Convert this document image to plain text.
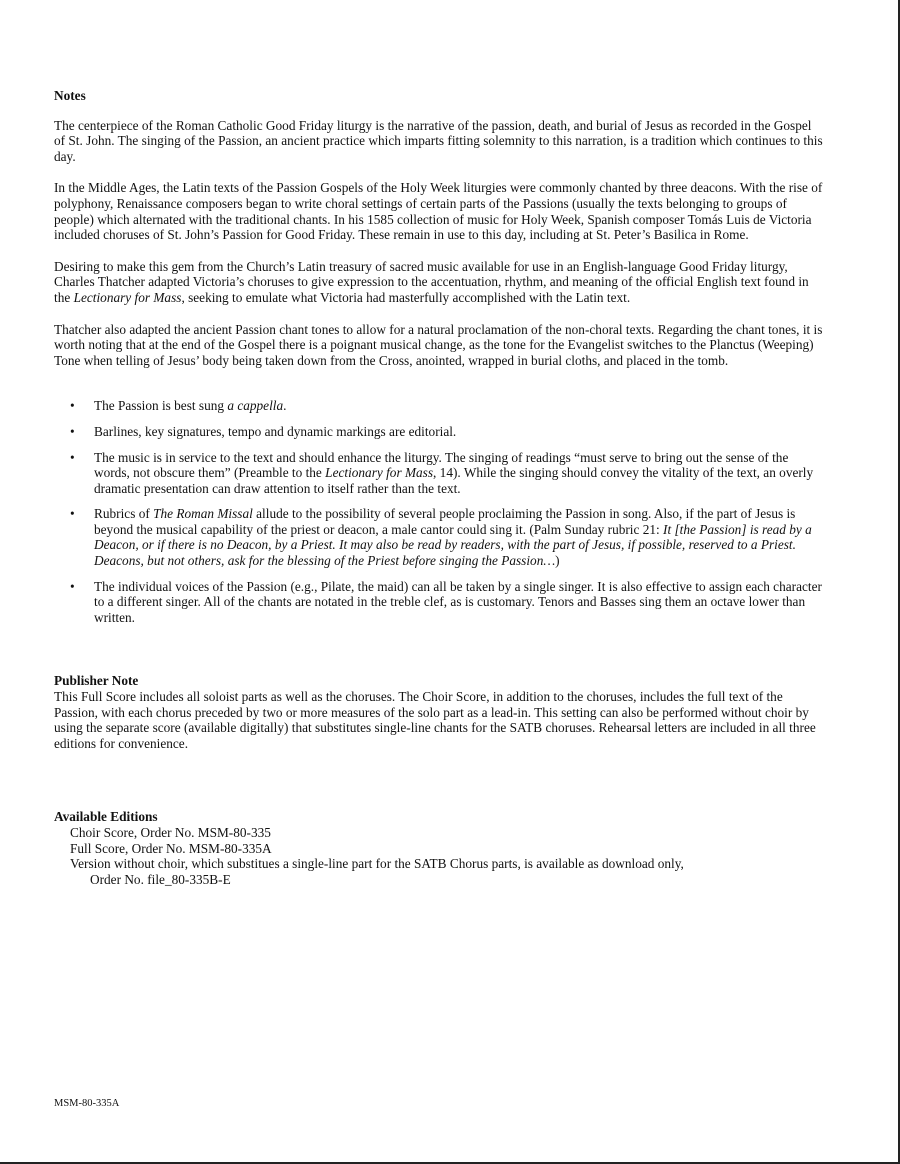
Notes

The centerpiece of the Roman Catholic Good Friday liturgy is the narrative of the passion, death, and burial of Jesus as recorded in the Gospel of St. John. The singing of the Passion, an ancient practice which imparts fitting solemnity to this narration, is a tradition which continues to this day.

In the Middle Ages, the Latin texts of the Passion Gospels of the Holy Week liturgies were commonly chanted by three deacons. With the rise of polyphony, Renaissance composers began to write choral settings of certain parts of the Passions (usually the texts belonging to groups of people) which alternated with the traditional chants. In his 1585 collection of music for Holy Week, Spanish composer Tomás Luis de Victoria included choruses of St. John’s Passion for Good Friday. These remain in use to this day, including at St. Peter’s Basilica in Rome.

Desiring to make this gem from the Church’s Latin treasury of sacred music available for use in an English-language Good Friday liturgy, Charles Thatcher adapted Victoria’s choruses to give expression to the accentuation, rhythm, and meaning of the official English text found in the Lectionary for Mass, seeking to emulate what Victoria had masterfully accomplished with the Latin text.

Thatcher also adapted the ancient Passion chant tones to allow for a natural proclamation of the non-choral texts. Regarding the chant tones, it is worth noting that at the end of the Gospel there is a poignant musical change, as the tone for the Evangelist switches to the Planctus (Weeping) Tone when telling of Jesus’ body being taken down from the Cross, anointed, wrapped in burial cloths, and placed in the tomb.

• The Passion is best sung a cappella.
• Barlines, key signatures, tempo and dynamic markings are editorial.
• The music is in service to the text and should enhance the liturgy. The singing of readings “must serve to bring out the sense of the words, not obscure them” (Preamble to the Lectionary for Mass, 14). While the singing should convey the vitality of the text, an overly dramatic presentation can draw attention to itself rather than the text.
• Rubrics of The Roman Missal allude to the possibility of several people proclaiming the Passion in song. Also, if the part of Jesus is beyond the musical capability of the priest or deacon, a male cantor could sing it. (Palm Sunday rubric 21: It [the Passion] is read by a Deacon, or if there is no Deacon, by a Priest. It may also be read by readers, with the part of Jesus, if possible, reserved to a Priest. Deacons, but not others, ask for the blessing of the Priest before singing the Passion…)
• The individual voices of the Passion (e.g., Pilate, the maid) can all be taken by a single singer. It is also effective to assign each character to a different singer. All of the chants are notated in the treble clef, as is customary. Tenors and Basses sing them an octave lower than written.
Publisher Note

This Full Score includes all soloist parts as well as the choruses. The Choir Score, in addition to the choruses, includes the full text of the Passion, with each chorus preceded by two or more measures of the solo part as a lead-in. This setting can also be performed without choir by using the separate score (available digitally) that substitutes single-line chants for the SATB choruses. Rehearsal letters are included in all three editions for convenience.

Available Editions

Choir Score, Order No. MSM-80-335

Full Score, Order No. MSM-80-335A

Version without choir, which substitues a single-line part for the SATB Chorus parts, is available as download only,

Order No. file_80-335B-E

MSM-80-335A
